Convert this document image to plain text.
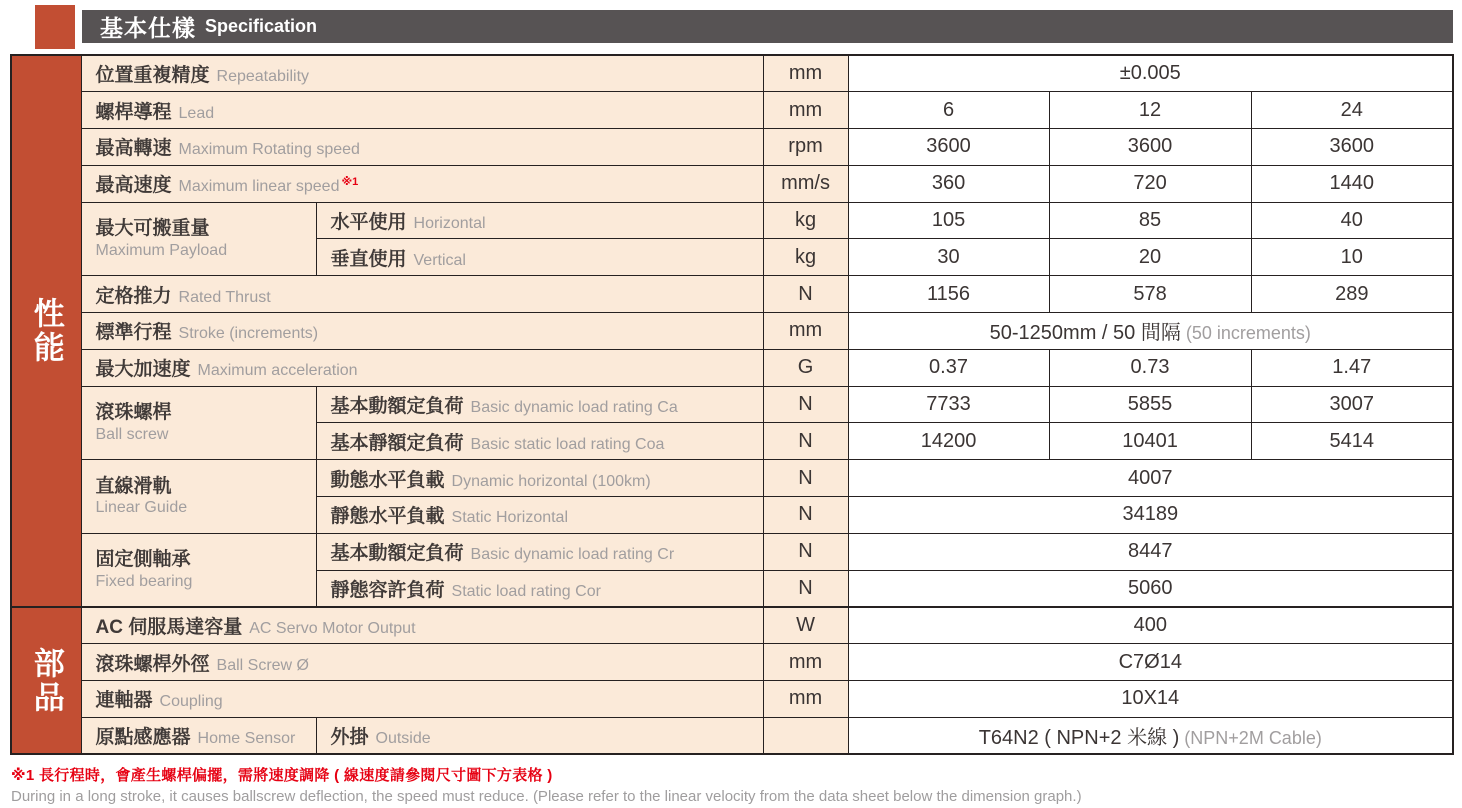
基本仕樣 Specification
性能	位置重複精度 Repeatability		mm	±0.005		
	螺桿導程 Lead		mm	6	12	24
	最高轉速 Maximum Rotating speed		rpm	3600	3600	3600
	最高速度 Maximum linear speed $^{※1}$		mm/s	360	720	1440
	最大可搬重量
Maximum Payload	水平使用 Horizontal	kg	105	85	40
		垂直使用 Vertical	kg	30	20	10
	定格推力 Rated Thrust		N	1156	578	289
	標準行程 Stroke (increments)		mm	50-1250mm / 50 間隔 (50 increments)		
	最大加速度 Maximum acceleration		G	0.37	0.73	1.47
	滾珠螺桿
Ball screw	基本動額定負荷 Basic dynamic load rating Ca	N	7733	5855	3007
		基本靜額定負荷 Basic static load rating Coa	N	14200	10401	5414
	直線滑軌
Linear Guide	動態水平負載 Dynamic horizontal (100km)	N	4007		
		靜態水平負載 Static Horizontal	N	34189		
	固定側軸承
Fixed bearing	基本動額定負荷 Basic dynamic load rating Cr	N	8447		
		靜態容許負荷 Static load rating Cor	N	5060		
部品	AC 伺服馬達容量 AC Servo Motor Output		W	400		
	滾珠螺桿外徑 Ball Screw Ø		mm	C7Ø14		
	連軸器 Coupling		mm	10X14		
	原點感應器 Home Sensor	外掛 Outside		T64N2 ( NPN+2 米線 ) (NPN+2M Cable)		
※1 長行程時，會產生螺桿偏擺，需將速度調降 ( 線速度請參閱尺寸圖下方表格 )
During in a long stroke, it causes ballscrew deflection, the speed must reduce. (Please refer to the linear velocity from the data sheet below the dimension graph.)
